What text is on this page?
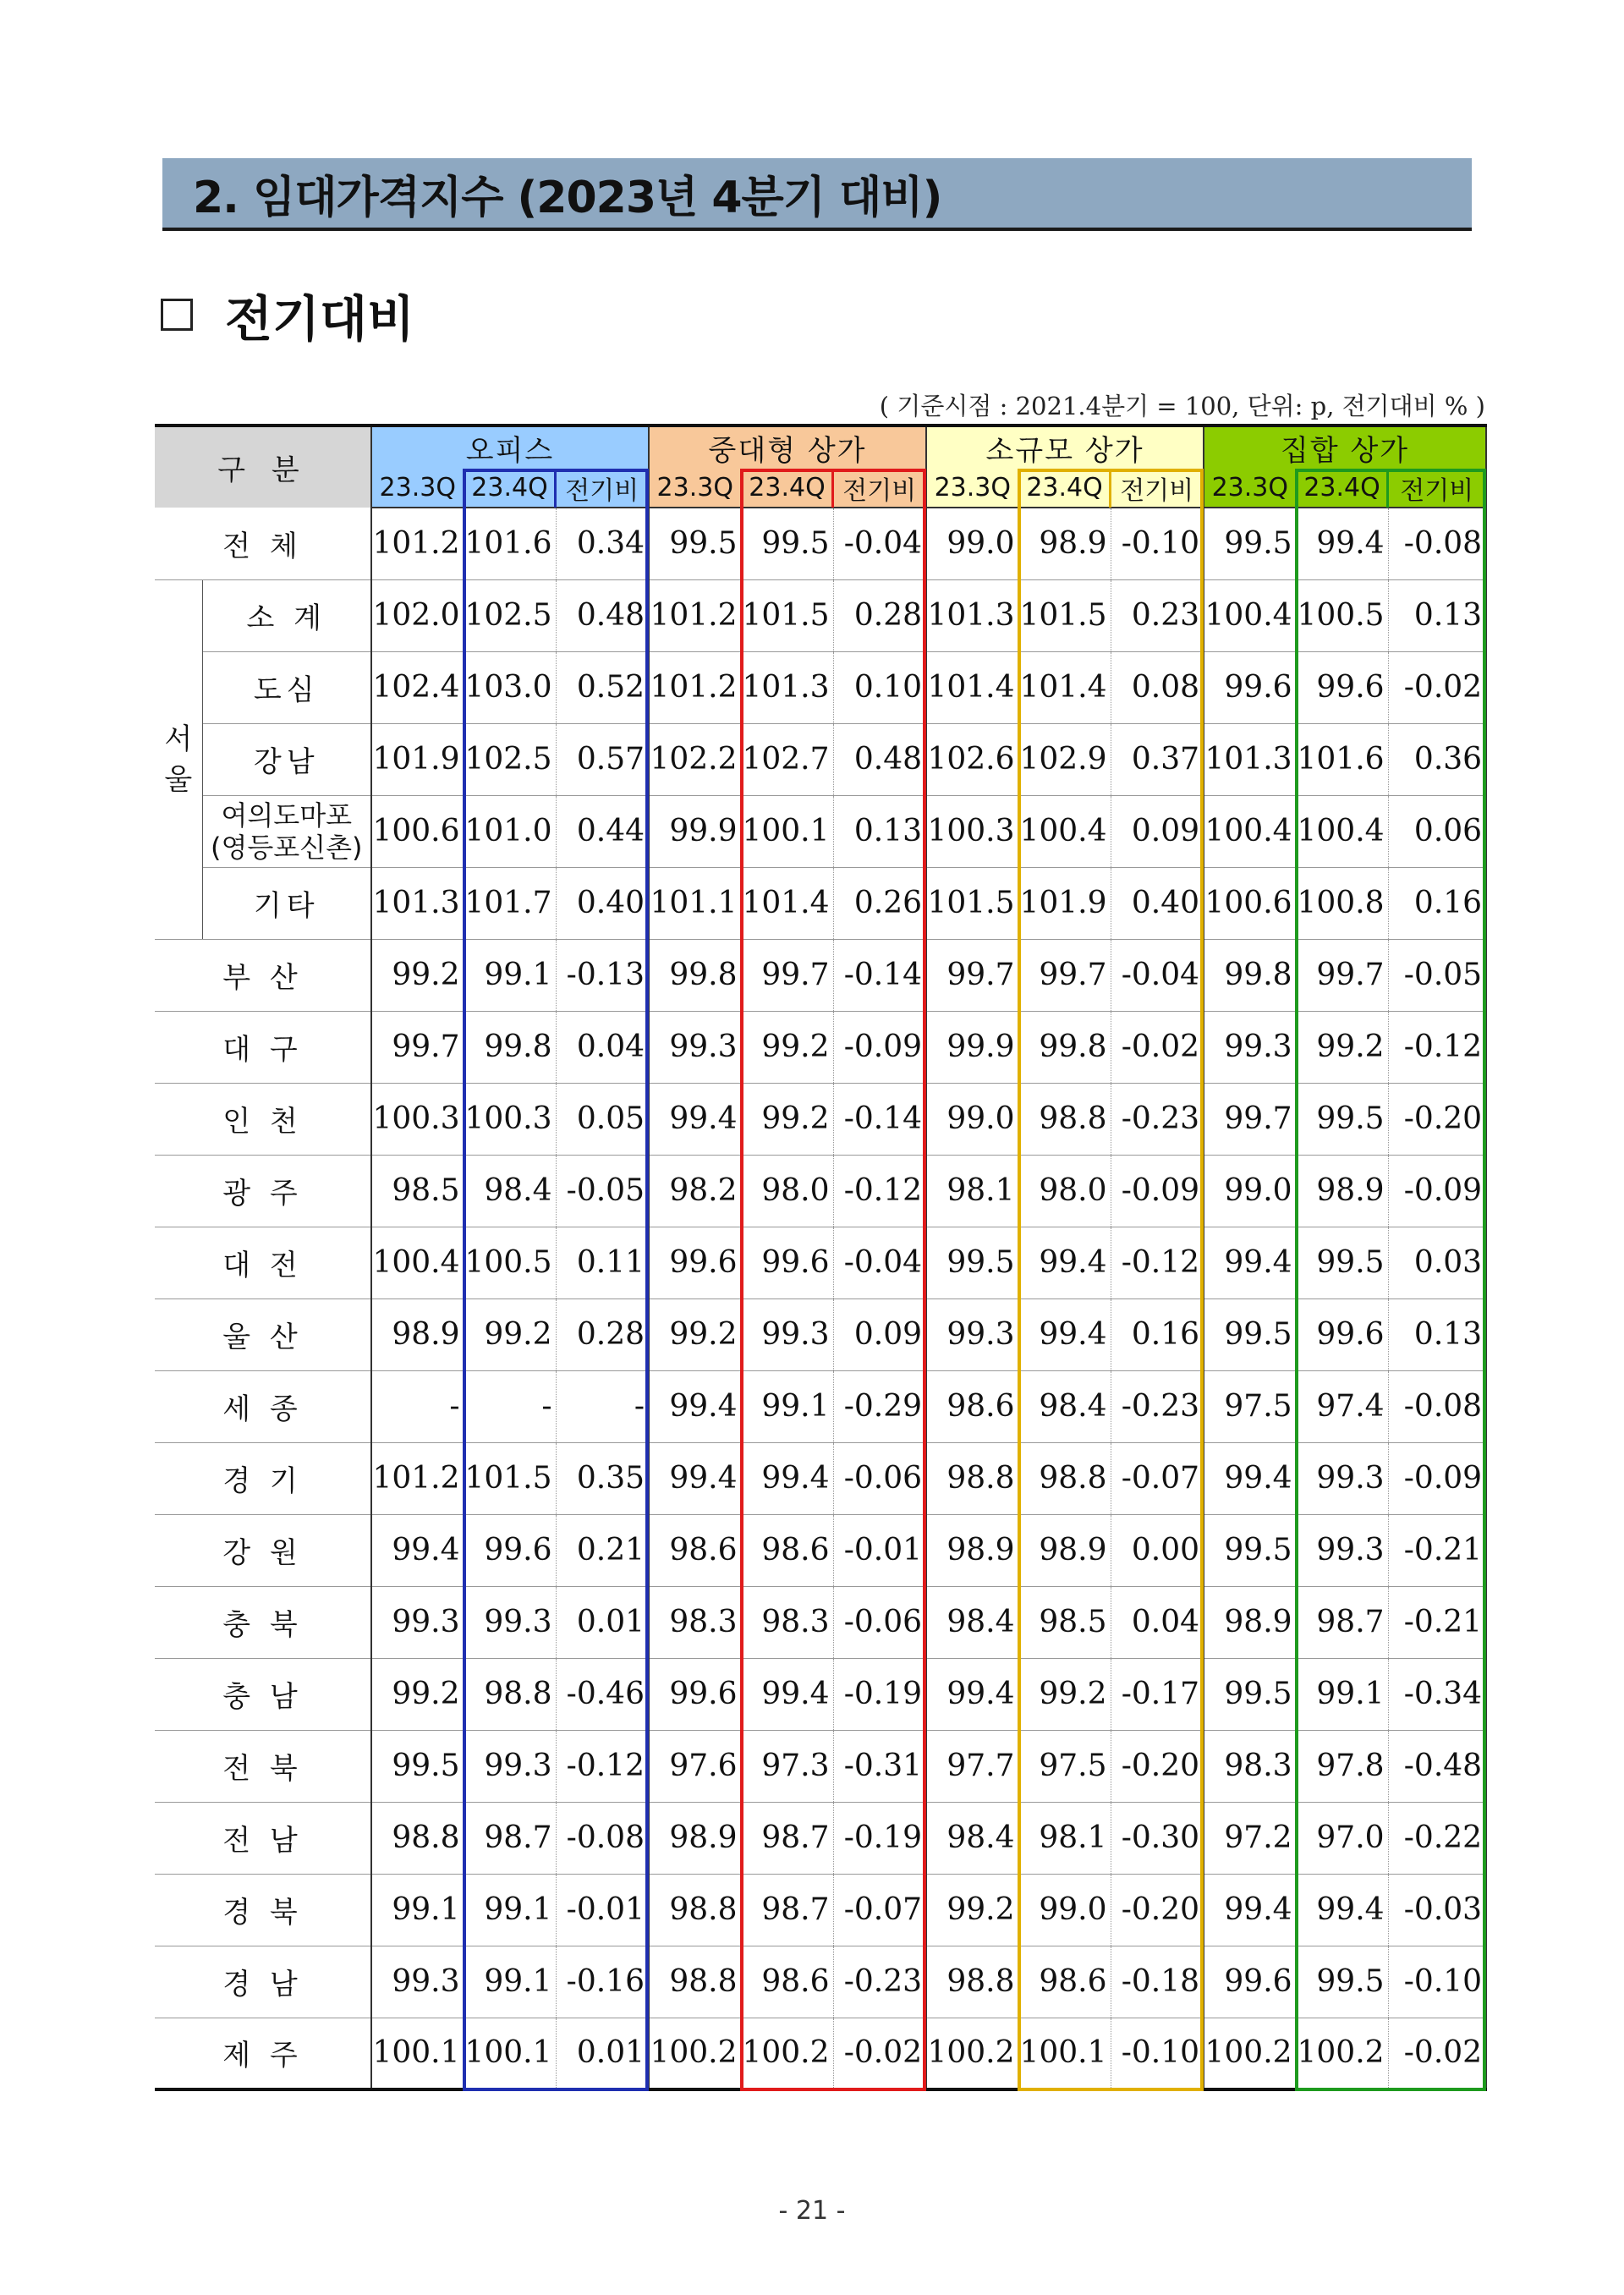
2. 임대가격지수 (2023년 4분기 대비)
전기대비
( 기준시점 : 2021.4분기 = 100, 단위: p, 전기대비 % )
구 분		오피스			중대형 상가			소규모 상가			집합 상가		
		23.3Q	23.4Q	전기비	23.3Q	23.4Q	전기비	23.3Q	23.4Q	전기비	23.3Q	23.4Q	전기비
전 체		101.2	101.6	0.34	99.5	99.5	-0.04	99.0	98.9	-0.10	99.5	99.4	-0.08
서
울	소 계	102.0	102.5	0.48	101.2	101.5	0.28	101.3	101.5	0.23	100.4	100.5	0.13
	도심	102.4	103.0	0.52	101.2	101.3	0.10	101.4	101.4	0.08	99.6	99.6	-0.02
	강남	101.9	102.5	0.57	102.2	102.7	0.48	102.6	102.9	0.37	101.3	101.6	0.36
	여의도마포
(영등포신촌)	100.6	101.0	0.44	99.9	100.1	0.13	100.3	100.4	0.09	100.4	100.4	0.06
	기타	101.3	101.7	0.40	101.1	101.4	0.26	101.5	101.9	0.40	100.6	100.8	0.16
부 산		99.2	99.1	-0.13	99.8	99.7	-0.14	99.7	99.7	-0.04	99.8	99.7	-0.05
대 구		99.7	99.8	0.04	99.3	99.2	-0.09	99.9	99.8	-0.02	99.3	99.2	-0.12
인 천		100.3	100.3	0.05	99.4	99.2	-0.14	99.0	98.8	-0.23	99.7	99.5	-0.20
광 주		98.5	98.4	-0.05	98.2	98.0	-0.12	98.1	98.0	-0.09	99.0	98.9	-0.09
대 전		100.4	100.5	0.11	99.6	99.6	-0.04	99.5	99.4	-0.12	99.4	99.5	0.03
울 산		98.9	99.2	0.28	99.2	99.3	0.09	99.3	99.4	0.16	99.5	99.6	0.13
세 종		-	-	-	99.4	99.1	-0.29	98.6	98.4	-0.23	97.5	97.4	-0.08
경 기		101.2	101.5	0.35	99.4	99.4	-0.06	98.8	98.8	-0.07	99.4	99.3	-0.09
강 원		99.4	99.6	0.21	98.6	98.6	-0.01	98.9	98.9	0.00	99.5	99.3	-0.21
충 북		99.3	99.3	0.01	98.3	98.3	-0.06	98.4	98.5	0.04	98.9	98.7	-0.21
충 남		99.2	98.8	-0.46	99.6	99.4	-0.19	99.4	99.2	-0.17	99.5	99.1	-0.34
전 북		99.5	99.3	-0.12	97.6	97.3	-0.31	97.7	97.5	-0.20	98.3	97.8	-0.48
전 남		98.8	98.7	-0.08	98.9	98.7	-0.19	98.4	98.1	-0.30	97.2	97.0	-0.22
경 북		99.1	99.1	-0.01	98.8	98.7	-0.07	99.2	99.0	-0.20	99.4	99.4	-0.03
경 남		99.3	99.1	-0.16	98.8	98.6	-0.23	98.8	98.6	-0.18	99.6	99.5	-0.10
제 주		100.1	100.1	0.01	100.2	100.2	-0.02	100.2	100.1	-0.10	100.2	100.2	-0.02
- 21 -
